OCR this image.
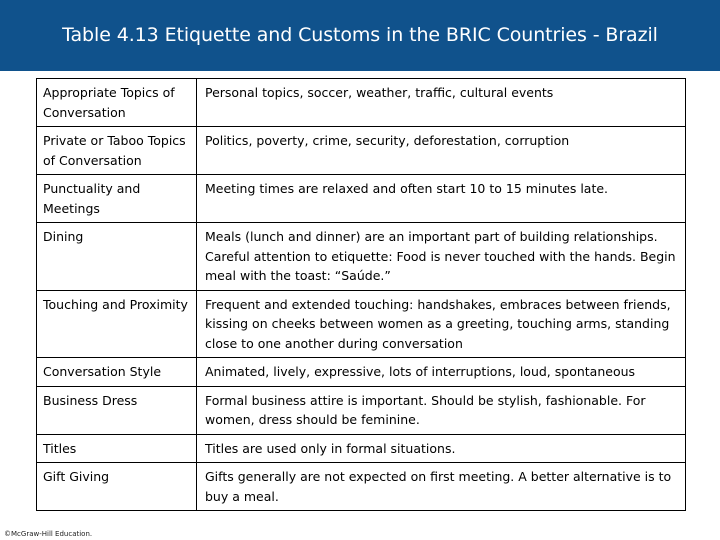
Table 4.13 Etiquette and Customs in the BRIC Countries - Brazil
Appropriate Topics of Conversation	Personal topics, soccer, weather, traffic, cultural events
Private or Taboo Topics of Conversation	Politics, poverty, crime, security, deforestation, corruption
Punctuality and Meetings	Meeting times are relaxed and often start 10 to 15 minutes late.
Dining	Meals (lunch and dinner) are an important part of building relationships. Careful attention to etiquette: Food is never touched with the hands. Begin meal with the toast: “Saúde.”
Touching and Proximity	Frequent and extended touching: handshakes, embraces between friends, kissing on cheeks between women as a greeting, touching arms, standing close to one another during conversation
Conversation Style	Animated, lively, expressive, lots of interruptions, loud, spontaneous
Business Dress	Formal business attire is important. Should be stylish, fashionable. For women, dress should be feminine.
Titles	Titles are used only in formal situations.
Gift Giving	Gifts generally are not expected on first meeting. A better alternative is to buy a meal.
©McGraw-Hill Education.
